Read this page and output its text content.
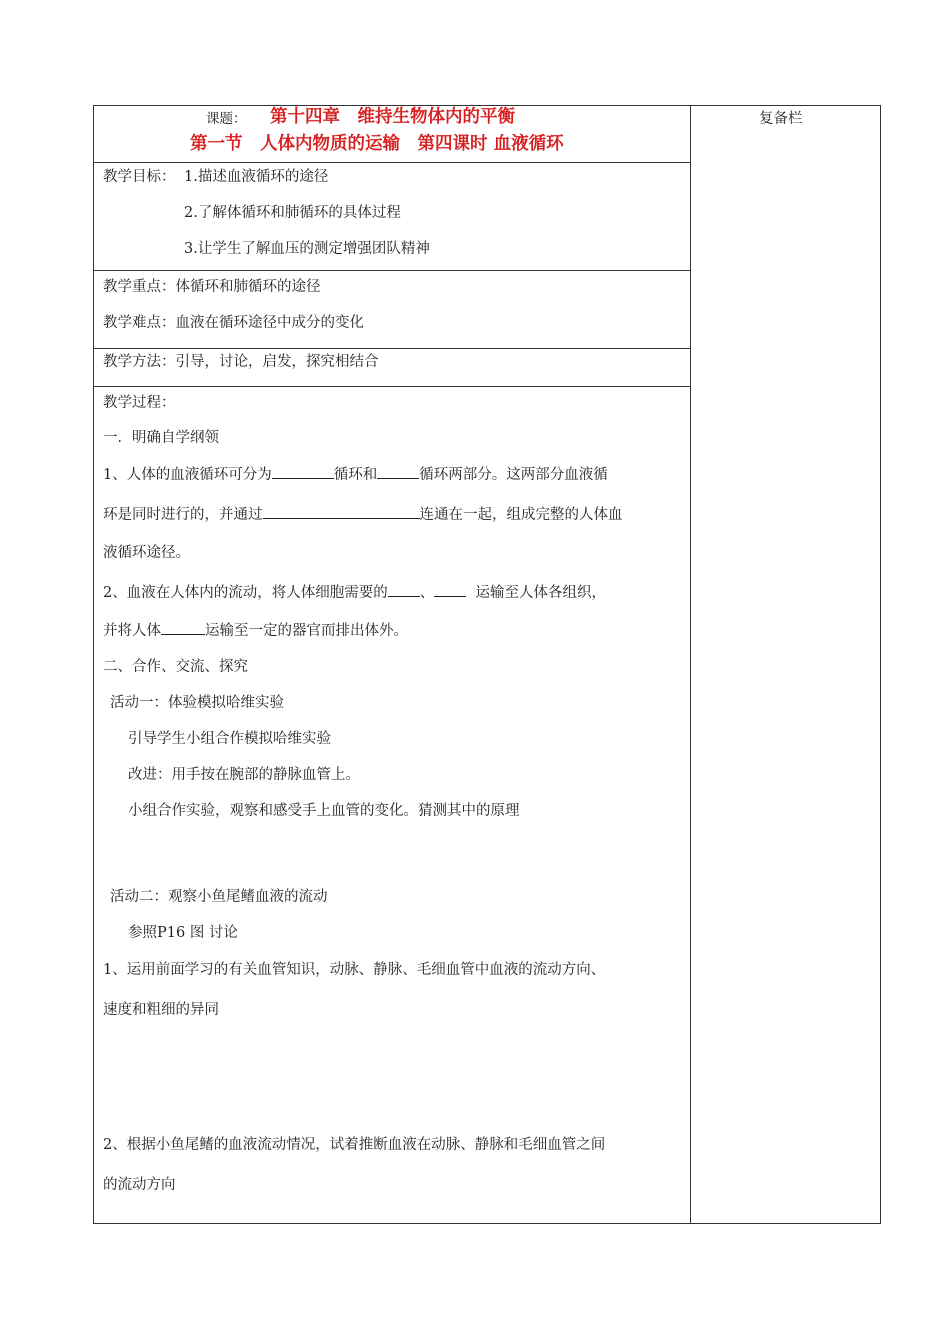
课题： 第十四章　维持生物体内的平衡
第一节　人体内物质的运输　第四课时 血液循环
复备栏
教学目标： 1.描述血液循环的途径
2.了解体循环和肺循环的具体过程
3.让学生了解血压的测定增强团队精神
教学重点：体循环和肺循环的途径
教学难点：血液在循环途径中成分的变化
教学方法：引导，讨论，启发，探究相结合
教学过程：
一．明确自学纲领
1、人体的血液循环可分为	循环和	循环两部分。这两部分血液循
环是同时进行的，并通过	连通在一起，组成完整的人体血
液循环途径。
2、血液在人体内的流动，将人体细胞需要的 、	运输至人体各组织，
并将人体	运输至一定的器官而排出体外。
二、合作、交流、探究
活动一：体验模拟哈维实验
引导学生小组合作模拟哈维实验
改进：用手按在腕部的静脉血管上。
小组合作实验，观察和感受手上血管的变化。猜测其中的原理
活动二：观察小鱼尾鳍血液的流动
参照P16 图 讨论
1、运用前面学习的有关血管知识，动脉、静脉、毛细血管中血液的流动方向、
速度和粗细的异同
2、根据小鱼尾鳍的血液流动情况，试着推断血液在动脉、静脉和毛细血管之间
的流动方向
